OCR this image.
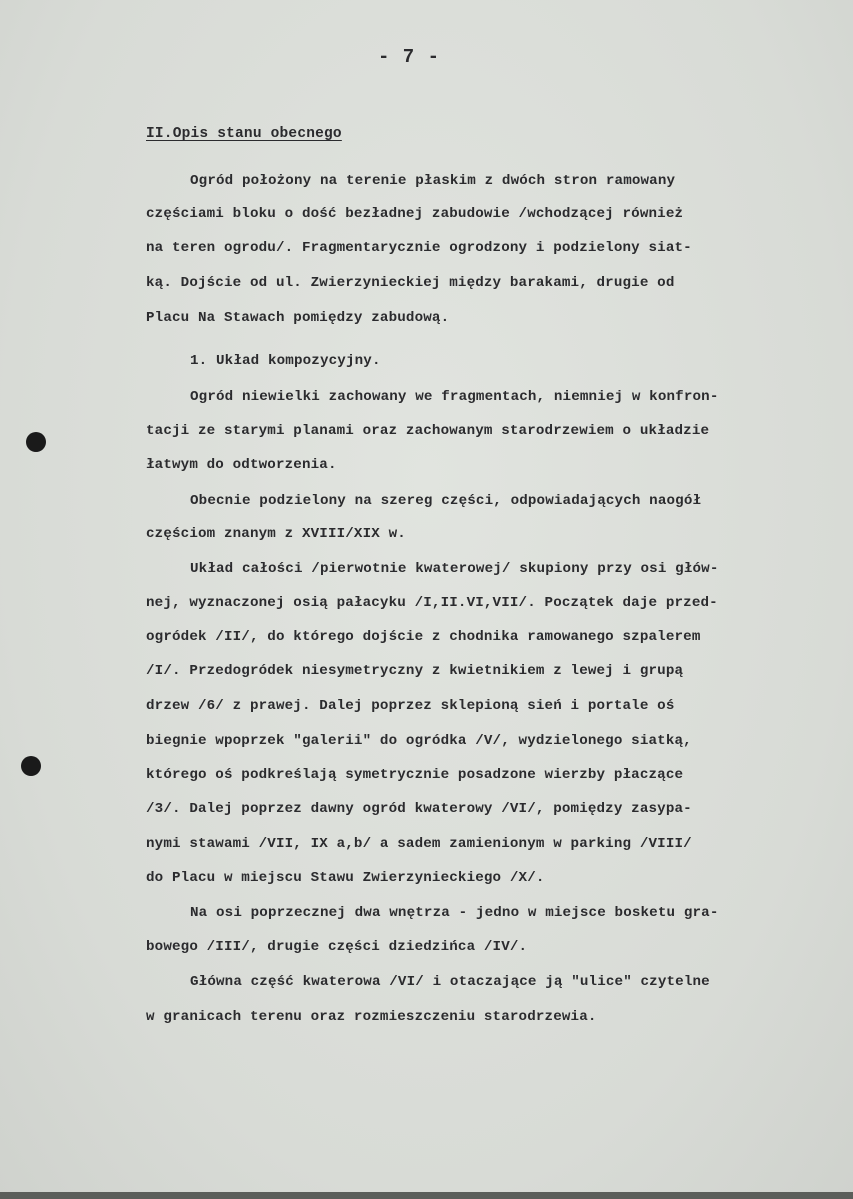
- 7 -
II.Opis stanu obecnego
Ogród położony na terenie płaskim z dwóch stron ramowany
częściami bloku o dość bezładnej zabudowie /wchodzącej również
na teren ogrodu/. Fragmentarycznie ogrodzony i podzielony siat-
ką. Dojście od ul. Zwierzynieckiej między barakami, drugie od
Placu Na Stawach pomiędzy zabudową.
1. Układ kompozycyjny.
Ogród niewielki zachowany we fragmentach, niemniej w konfron-
tacji ze starymi planami oraz zachowanym starodrzewiem o układzie
łatwym do odtworzenia.
Obecnie podzielony na szereg części, odpowiadających naogół
częściom znanym z XVIII/XIX w.
Układ całości /pierwotnie kwaterowej/ skupiony przy osi głów-
nej, wyznaczonej osią pałacyku /I,II.VI,VII/. Początek daje przed-
ogródek /II/, do którego dojście z chodnika ramowanego szpalerem
/I/. Przedogródek niesymetryczny z kwietnikiem z lewej i grupą
drzew /6/ z prawej. Dalej poprzez sklepioną sień i portale oś
biegnie wpoprzek "galerii" do ogródka /V/, wydzielonego siatką,
którego oś podkreślają symetrycznie posadzone wierzby płaczące
/3/. Dalej poprzez dawny ogród kwaterowy /VI/, pomiędzy zasypa-
nymi stawami /VII, IX a,b/ a sadem zamienionym w parking /VIII/
do Placu w miejscu Stawu Zwierzynieckiego /X/.
Na osi poprzecznej dwa wnętrza - jedno w miejsce bosketu gra-
bowego /III/, drugie części dziedzińca /IV/.
Główna część kwaterowa /VI/ i otaczające ją "ulice" czytelne
w granicach terenu oraz rozmieszczeniu starodrzewia.
